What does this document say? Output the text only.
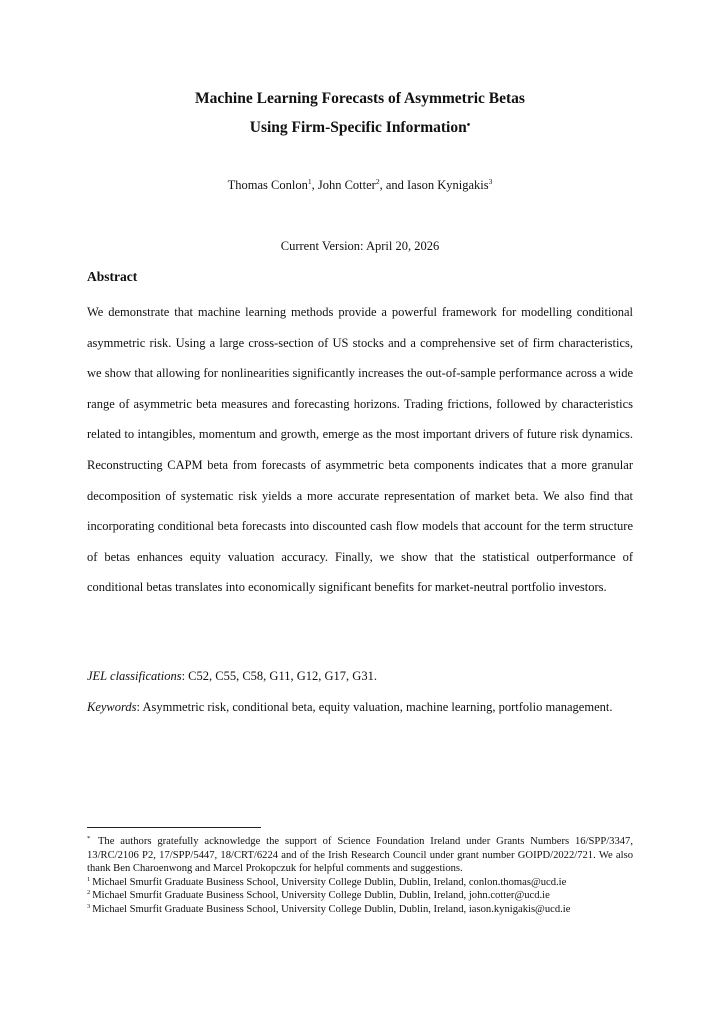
Machine Learning Forecasts of Asymmetric Betas
Using Firm-Specific Information•
Thomas Conlon$^1$, John Cotter$^2$, and Iason Kynigakis$^3$
Current Version: April 20, 2026
Abstract
We demonstrate that machine learning methods provide a powerful framework for modelling conditional asymmetric risk. Using a large cross-section of US stocks and a comprehensive set of firm characteristics, we show that allowing for nonlinearities significantly increases the out-of-sample performance across a wide range of asymmetric beta measures and forecasting horizons. Trading frictions, followed by characteristics related to intangibles, momentum and growth, emerge as the most important drivers of future risk dynamics. Reconstructing CAPM beta from forecasts of asymmetric beta components indicates that a more granular decomposition of systematic risk yields a more accurate representation of market beta. We also find that incorporating conditional beta forecasts into discounted cash flow models that account for the term structure of betas enhances equity valuation accuracy. Finally, we show that the statistical outperformance of conditional betas translates into economically significant benefits for market-neutral portfolio investors.
JEL classifications: C52, C55, C58, G11, G12, G17, G31.
Keywords: Asymmetric risk, conditional beta, equity valuation, machine learning, portfolio management.

* The authors gratefully acknowledge the support of Science Foundation Ireland under Grants Numbers 16/SPP/3347, 13/RC/2106 P2, 17/SPP/5447, 18/CRT/6224 and of the Irish Research Council under grant number GOIPD/2022/721. We also thank Ben Charoenwong and Marcel Prokopczuk for helpful comments and suggestions.

$^1$ Michael Smurfit Graduate Business School, University College Dublin, Dublin, Ireland, conlon.thomas@ucd.ie

$^2$ Michael Smurfit Graduate Business School, University College Dublin, Dublin, Ireland, john.cotter@ucd.ie

$^3$ Michael Smurfit Graduate Business School, University College Dublin, Dublin, Ireland, iason.kynigakis@ucd.ie
